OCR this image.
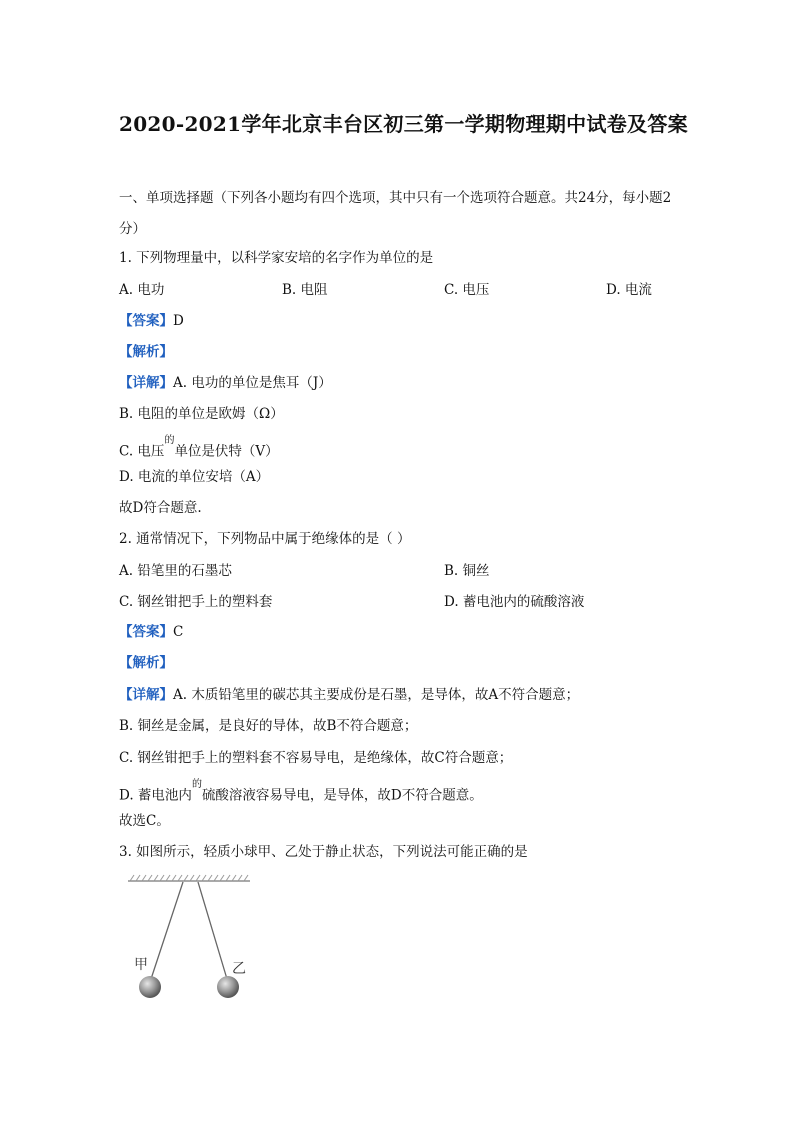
2020-2021学年北京丰台区初三第一学期物理期中试卷及答案
一、单项选择题（下列各小题均有四个选项，其中只有一个选项符合题意。共24分，每小题2分）
1. 下列物理量中，以科学家安培的名字作为单位的是
A. 电功	B. 电阻	C. 电压	D. 电流
【答案】D
【解析】
【详解】A. 电功的单位是焦耳（J）
B. 电阻的单位是欧姆（Ω）
C. 电压$^的$单位是伏特（V）
D. 电流的单位安培（A）
故D符合题意.
2. 通常情况下，下列物品中属于绝缘体的是（ ）
A. 铅笔里的石墨芯	B. 铜丝
C. 钢丝钳把手上的塑料套	D. 蓄电池内的硫酸溶液
【答案】C
【解析】
【详解】A. 木质铅笔里的碳芯其主要成份是石墨，是导体，故A不符合题意；
B. 铜丝是金属，是良好的导体，故B不符合题意；
C. 钢丝钳把手上的塑料套不容易导电，是绝缘体，故C符合题意；
D. 蓄电池内$^的$硫酸溶液容易导电，是导体，故D不符合题意。
故选C。
3. 如图所示，轻质小球甲、乙处于静止状态，下列说法可能正确的是
甲	乙
